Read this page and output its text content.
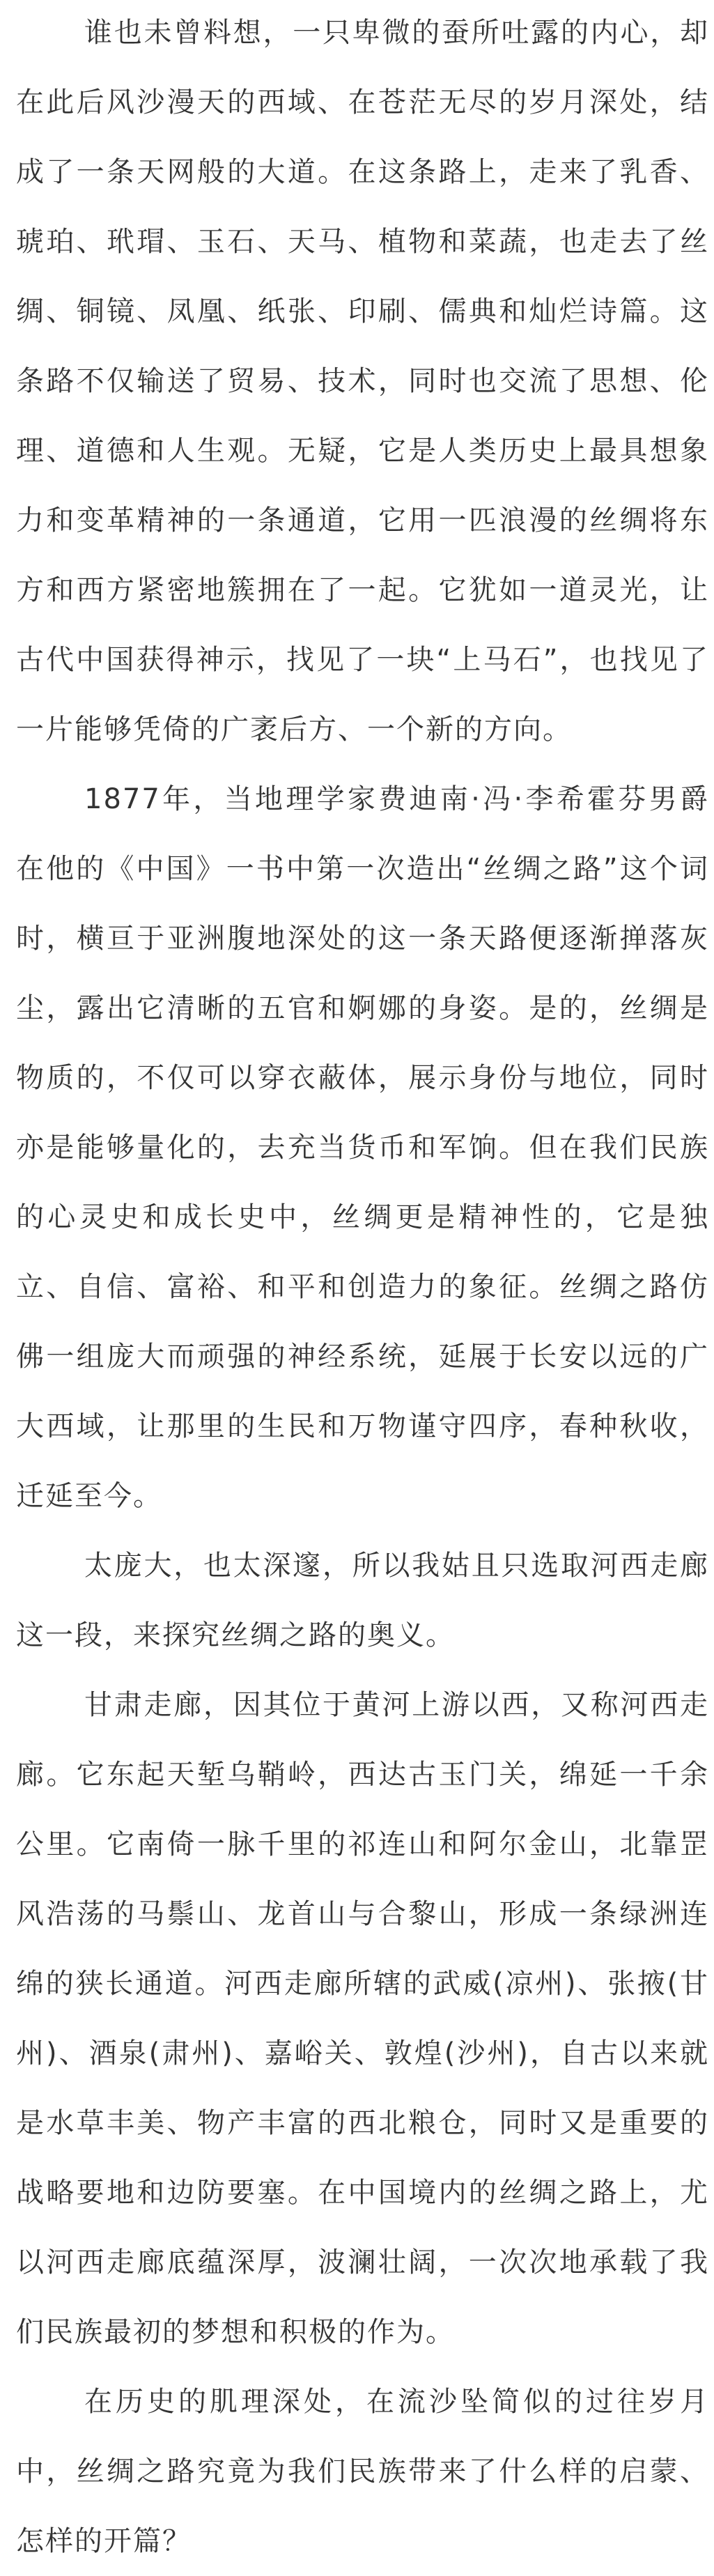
谁也未曾料想，一只卑微的蚕所吐露的内心，却
在此后风沙漫天的西域、在苍茫无尽的岁月深处，结
成了一条天网般的大道。在这条路上，走来了乳香、
琥珀、玳瑁、玉石、天马、植物和菜蔬，也走去了丝
绸、铜镜、凤凰、纸张、印刷、儒典和灿烂诗篇。这
条路不仅输送了贸易、技术，同时也交流了思想、伦
理、道德和人生观。无疑，它是人类历史上最具想象
力和变革精神的一条通道，它用一匹浪漫的丝绸将东
方和西方紧密地簇拥在了一起。它犹如一道灵光，让
古代中国获得神示，找见了一块“上马石”，也找见了
一片能够凭倚的广袤后方、一个新的方向。

1877年，当地理学家费迪南·冯·李希霍芬男爵
在他的《中国》一书中第一次造出“丝绸之路”这个词
时，横亘于亚洲腹地深处的这一条天路便逐渐掸落灰
尘，露出它清晰的五官和婀娜的身姿。是的，丝绸是
物质的，不仅可以穿衣蔽体，展示身份与地位，同时
亦是能够量化的，去充当货币和军饷。但在我们民族
的心灵史和成长史中，丝绸更是精神性的，它是独
立、自信、富裕、和平和创造力的象征。丝绸之路仿
佛一组庞大而顽强的神经系统，延展于长安以远的广
大西域，让那里的生民和万物谨守四序，春种秋收，
迁延至今。

太庞大，也太深邃，所以我姑且只选取河西走廊
这一段，来探究丝绸之路的奥义。

甘肃走廊，因其位于黄河上游以西，又称河西走
廊。它东起天堑乌鞘岭，西达古玉门关，绵延一千余
公里。它南倚一脉千里的祁连山和阿尔金山，北靠罡
风浩荡的马鬃山、龙首山与合黎山，形成一条绿洲连
绵的狭长通道。河西走廊所辖的武威(凉州)、张掖(甘
州)、酒泉(肃州)、嘉峪关、敦煌(沙州)，自古以来就
是水草丰美、物产丰富的西北粮仓，同时又是重要的
战略要地和边防要塞。在中国境内的丝绸之路上，尤
以河西走廊底蕴深厚，波澜壮阔，一次次地承载了我
们民族最初的梦想和积极的作为。

在历史的肌理深处，在流沙坠简似的过往岁月
中，丝绸之路究竟为我们民族带来了什么样的启蒙、
怎样的开篇？
